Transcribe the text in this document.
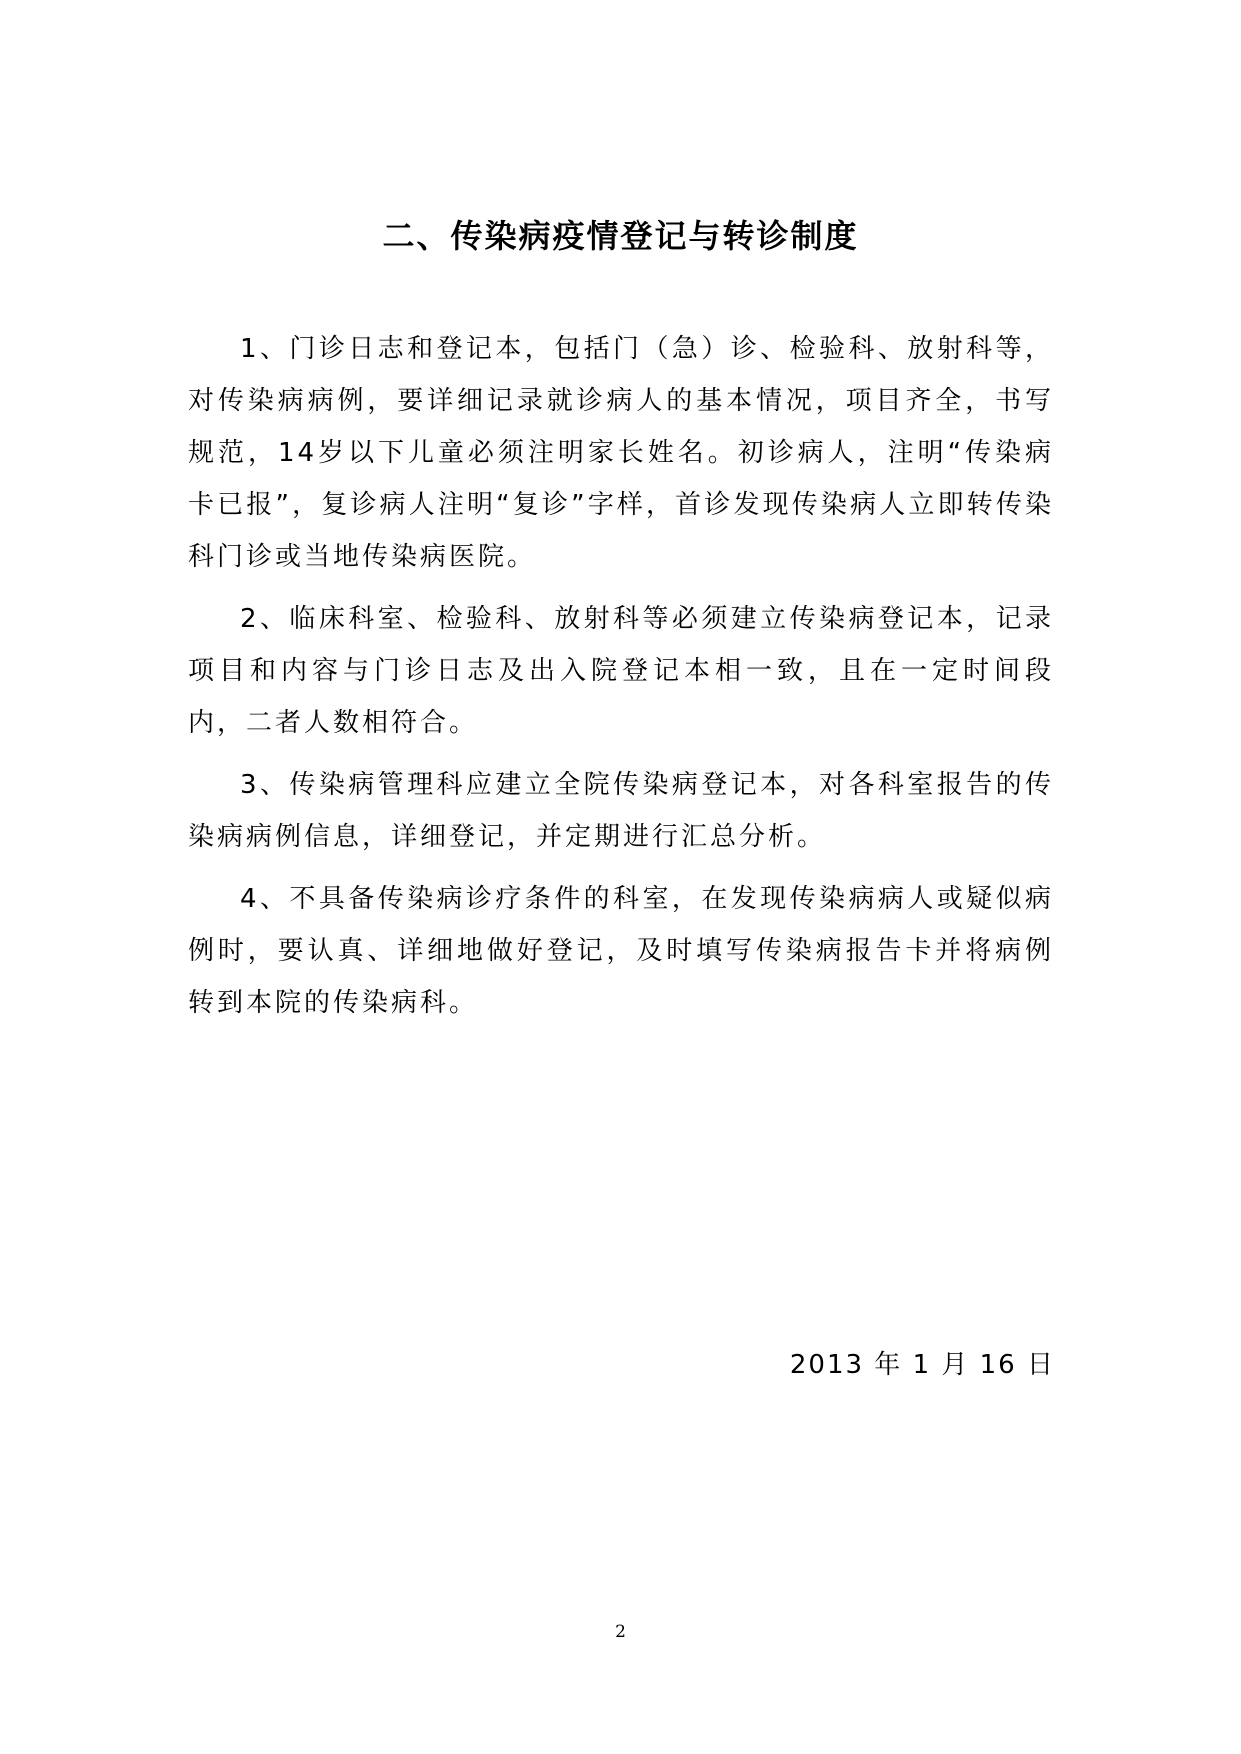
二、传染病疫情登记与转诊制度

1、门诊日志和登记本，包括门（急）诊、检验科、放射科等，对传染病病例，要详细记录就诊病人的基本情况，项目齐全，书写规范，14岁以下儿童必须注明家长姓名。初诊病人，注明“传染病卡已报”，复诊病人注明“复诊”字样，首诊发现传染病人立即转传染科门诊或当地传染病医院。

2、临床科室、检验科、放射科等必须建立传染病登记本，记录项目和内容与门诊日志及出入院登记本相一致，且在一定时间段内，二者人数相符合。

3、传染病管理科应建立全院传染病登记本，对各科室报告的传染病病例信息，详细登记，并定期进行汇总分析。

4、不具备传染病诊疗条件的科室，在发现传染病病人或疑似病例时，要认真、详细地做好登记，及时填写传染病报告卡并将病例转到本院的传染病科。

2013 年 1 月 16 日
2
